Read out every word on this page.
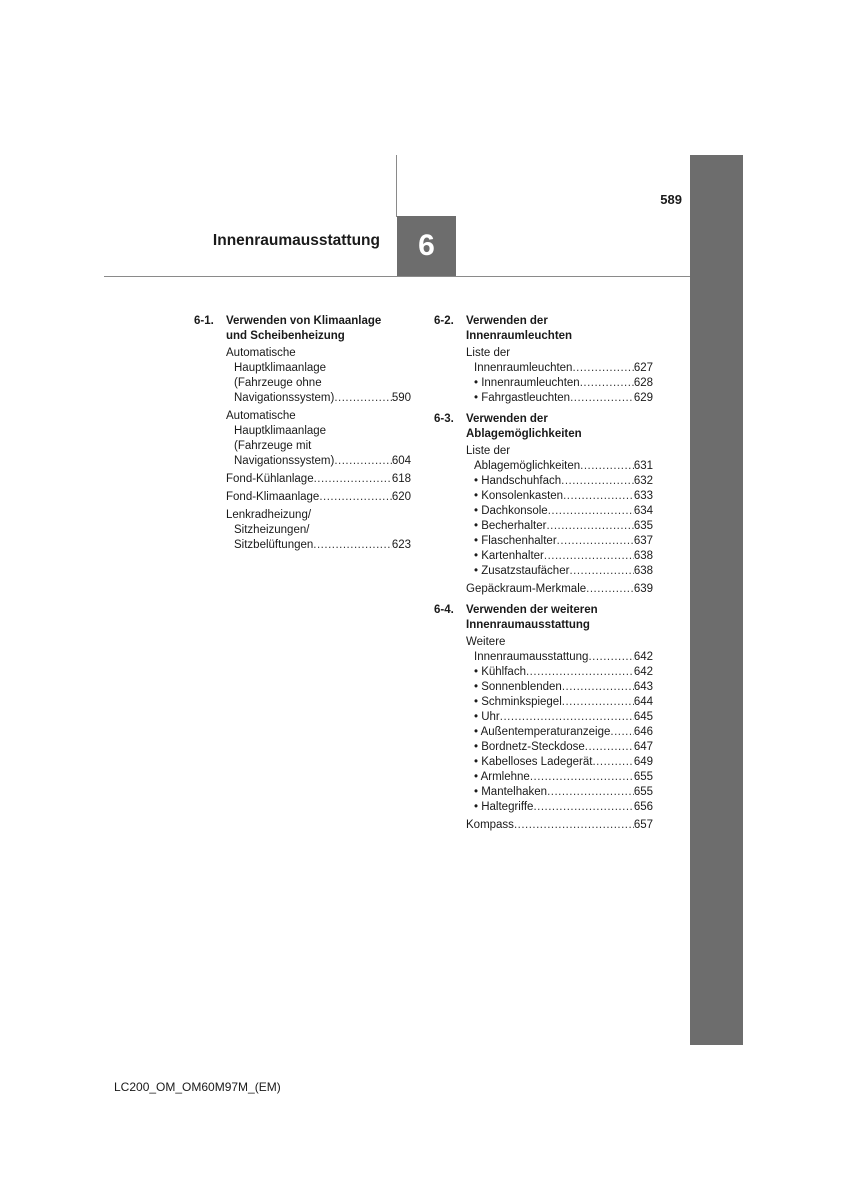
589
Innenraumausstattung 6
6-1.	Verwenden von Klimaanlage
und Scheibenheizung
Automatische
Hauptklimaanlage
(Fahrzeuge ohne
Navigationssystem) .....	590
Automatische
Hauptklimaanlage
(Fahrzeuge mit
Navigationssystem) .....	604
Fond-Kühlanlage .....	618
Fond-Klimaanlage .....	620
Lenkradheizung/
Sitzheizungen/
Sitzbelüftungen .....	623
6-2.	Verwenden der
Innenraumleuchten
Liste der
Innenraumleuchten .....	627
• Innenraumleuchten .....	628
• Fahrgastleuchten .....	629
6-3.	Verwenden der
Ablagemöglichkeiten
Liste der
Ablagemöglichkeiten .....	631
• Handschuhfach .....	632
• Konsolenkasten .....	633
• Dachkonsole .....	634
• Becherhalter .....	635
• Flaschenhalter .....	637
• Kartenhalter .....	638
• Zusatzstaufächer .....	638
Gepäckraum-Merkmale .....	639
6-4.	Verwenden der weiteren
Innenraumausstattung
Weitere
Innenraumausstattung .....	642
• Kühlfach .....	642
• Sonnenblenden .....	643
• Schminkspiegel .....	644
• Uhr .....	645
• Außentemperaturanzeige ..... 646
• Bordnetz-Steckdose .....	647
• Kabelloses Ladegerät .....	649
• Armlehne .....	655
• Mantelhaken .....	655
• Haltegriffe .....	656
Kompass .....	657
LC200_OM_OM60M97M_(EM)
